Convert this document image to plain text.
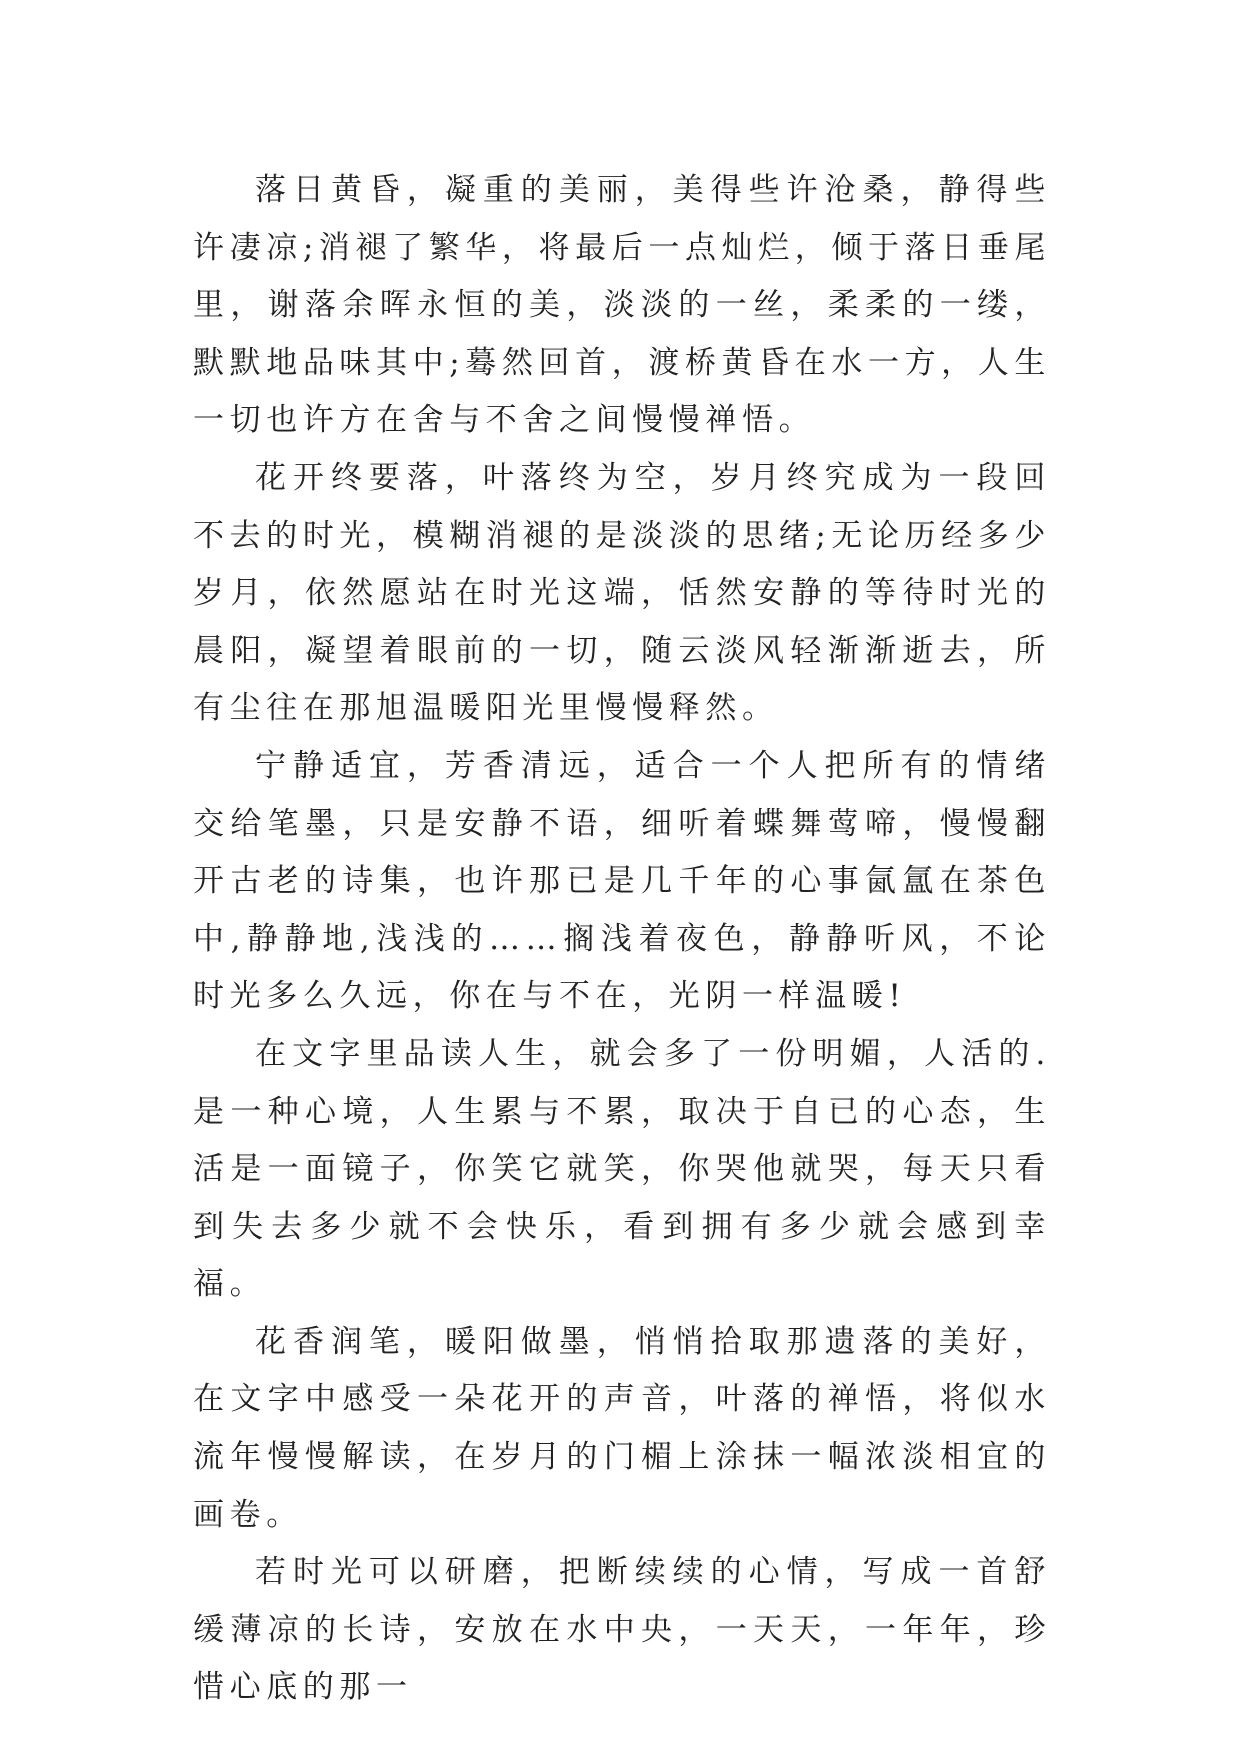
落日黄昏，凝重的美丽，美得些许沧桑，静得些许凄凉;消褪了繁华，将最后一点灿烂，倾于落日垂尾里，谢落余晖永恒的美，淡淡的一丝，柔柔的一缕，默默地品味其中;蓦然回首，渡桥黄昏在水一方，人生一切也许方在舍与不舍之间慢慢禅悟。

花开终要落，叶落终为空，岁月终究成为一段回不去的时光，模糊消褪的是淡淡的思绪;无论历经多少岁月，依然愿站在时光这端，恬然安静的等待时光的晨阳，凝望着眼前的一切，随云淡风轻渐渐逝去，所有尘往在那旭温暖阳光里慢慢释然。

宁静适宜，芳香清远，适合一个人把所有的情绪交给笔墨，只是安静不语，细听着蝶舞莺啼，慢慢翻开古老的诗集，也许那已是几千年的心事氤氲在茶色中,静静地,浅浅的……搁浅着夜色，静静听风，不论时光多么久远，你在与不在，光阴一样温暖!

在文字里品读人生，就会多了一份明媚，人活的.是一种心境，人生累与不累，取决于自已的心态，生活是一面镜子，你笑它就笑，你哭他就哭，每天只看到失去多少就不会快乐，看到拥有多少就会感到幸福。

花香润笔，暖阳做墨，悄悄拾取那遗落的美好，在文字中感受一朵花开的声音，叶落的禅悟，将似水流年慢慢解读，在岁月的门楣上涂抹一幅浓淡相宜的画卷。

若时光可以研磨，把断续续的心情，写成一首舒缓薄凉的长诗，安放在水中央，一天天，一年年，珍惜心底的那一
